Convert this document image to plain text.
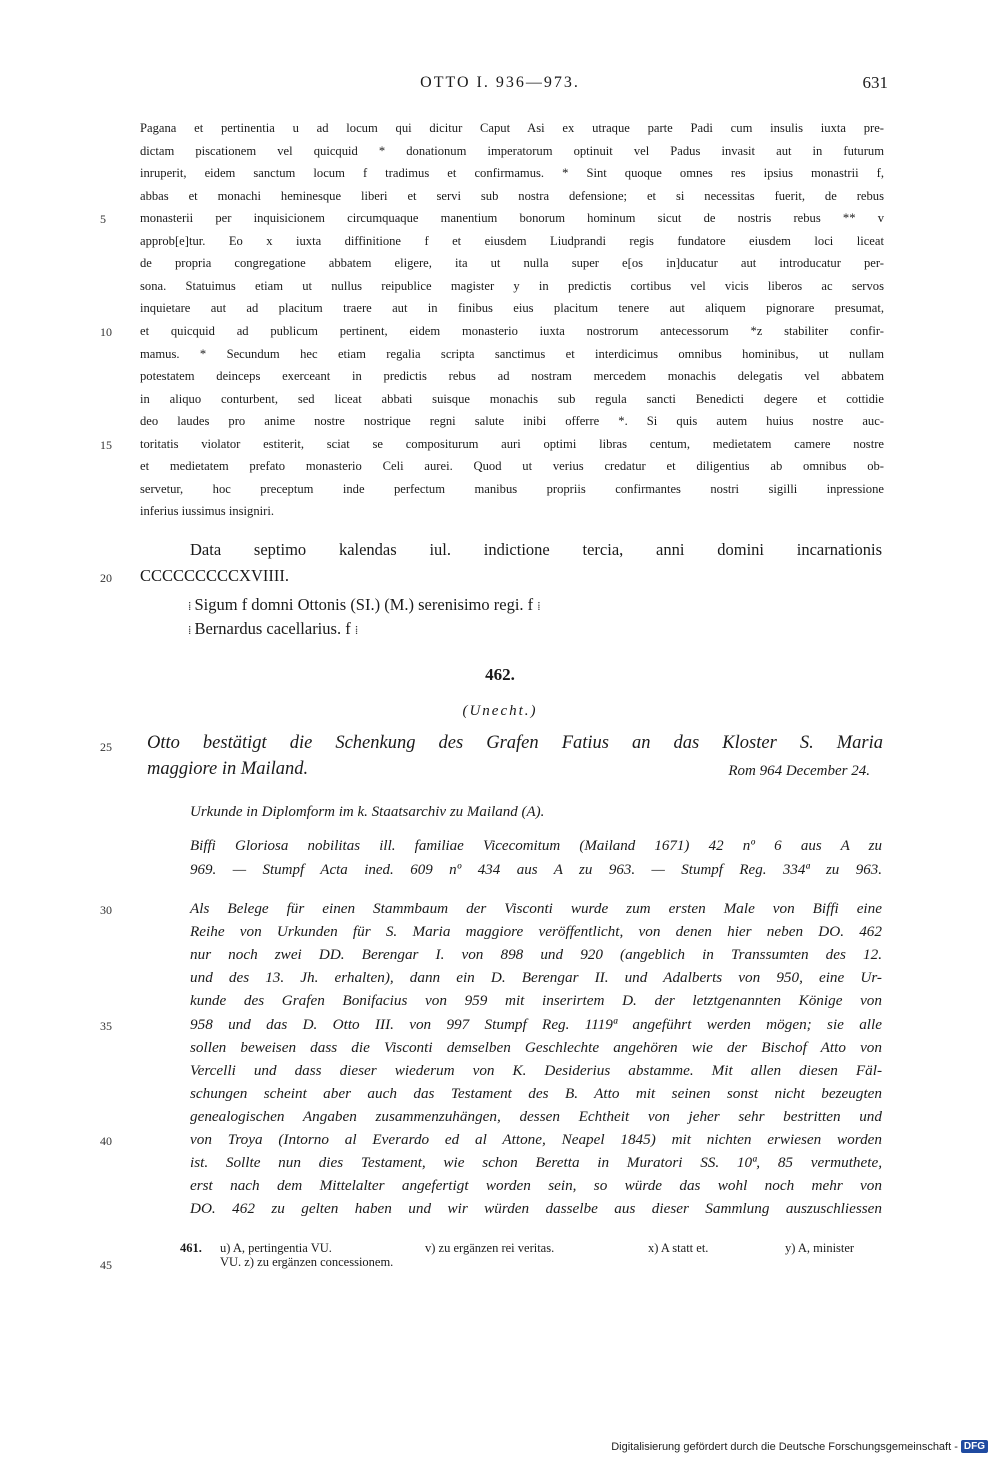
OTTO I. 936—973.	631
Pagana et pertinentia u ad locum qui dicitur Caput Asi ex utraque parte Padi cum insulis iuxta pre-
dictam piscationem vel quicquid * donationum imperatorum optinuit vel Padus invasit aut in futurum
inruperit, eidem sanctum locum f tradimus et confirmamus. * Sint quoque omnes res ipsius monastrii f,
abbas et monachi heminesque liberi et servi sub nostra defensione; et si necessitas fuerit, de rebus
5	monasterii per inquisicionem circumquaque manentium bonorum hominum sicut de nostris rebus ** v
approb[e]tur. Eo x iuxta diffinitione f et eiusdem Liudprandi regis fundatore eiusdem loci liceat
de propria congregatione abbatem eligere, ita ut nulla super e[os in]ducatur aut introducatur per-
sona. Statuimus etiam ut nullus reipublice magister y in predictis cortibus vel vicis liberos ac servos
inquietare aut ad placitum traere aut in finibus eius placitum tenere aut aliquem pignorare presumat,
10	et quicquid ad publicum pertinent, eidem monasterio iuxta nostrorum antecessorum *z stabiliter confir-
mamus. * Secundum hec etiam regalia scripta sanctimus et interdicimus omnibus hominibus, ut nullam
potestatem deinceps exerceant in predictis rebus ad nostram mercedem monachis delegatis vel abbatem
in aliquo conturbent, sed liceat abbati suisque monachis sub regula sancti Benedicti degere et cottidie
deo laudes pro anime nostre nostrique regni salute inibi offerre *. Si quis autem huius nostre auc-
15	toritatis violator estiterit, sciat se compositurum auri optimi libras centum, medietatem camere nostre
et medietatem prefato monasterio Celi aurei. Quod ut verius credatur et diligentius ab omnibus ob-
servetur, hoc preceptum inde perfectum manibus propriis confirmantes nostri sigilli inpressione
inferius iussimus insigniri.
Data septimo kalendas iul. indictione tercia, anni domini incarnationis
20	CCCCCCCCCXVIIII.
⁞ Sigum f domni Ottonis (SI.) (M.) serenisimo regi. f ⁞
⁞ Bernardus cacellarius. f ⁞
462.
(Unecht.)
25	Otto bestätigt die Schenkung des Grafen Fatius an das Kloster S. Maria
maggiore in Mailand.	Rom 964 December 24.
Urkunde in Diplomform im k. Staatsarchiv zu Mailand (A).
Biffi Gloriosa nobilitas ill. familiae Vicecomitum (Mailand 1671) 42 nº 6 aus A zu
969. — Stumpf Acta ined. 609 nº 434 aus A zu 963. — Stumpf Reg. 334ª zu 963.
30	Als Belege für einen Stammbaum der Visconti wurde zum ersten Male von Biffi eine
Reihe von Urkunden für S. Maria maggiore veröffentlicht, von denen hier neben DO. 462
nur noch zwei DD. Berengar I. von 898 und 920 (angeblich in Transsumten des 12.
und des 13. Jh. erhalten), dann ein D. Berengar II. und Adalberts von 950, eine Ur-
kunde des Grafen Bonifacius von 959 mit inserirtem D. der letztgenannten Könige von
35	958 und das D. Otto III. von 997 Stumpf Reg. 1119ª angeführt werden mögen; sie alle
sollen beweisen dass die Visconti demselben Geschlechte angehören wie der Bischof Atto von
Vercelli und dass dieser wiederum von K. Desiderius abstamme. Mit allen diesen Fäl-
schungen scheint aber auch das Testament des B. Atto mit seinen sonst nicht bezeugten
genealogischen Angaben zusammenzuhängen, dessen Echtheit von jeher sehr bestritten und
40	von Troya (Intorno al Everardo ed al Attone, Neapel 1845) mit nichten erwiesen worden
ist. Sollte nun dies Testament, wie schon Beretta in Muratori SS. 10ª, 85 vermuthete,
erst nach dem Mittelalter angefertigt worden sein, so würde das wohl noch mehr von
DO. 462 zu gelten haben und wir würden dasselbe aus dieser Sammlung auszuschliessen
461. u) A, pertingentia VU.	v) zu ergänzen rei veritas.	x) A statt et.	y) A, minister
45	VU. z) zu ergänzen concessionem.
Digitalisierung gefördert durch die Deutsche Forschungsgemeinschaft - DFG
